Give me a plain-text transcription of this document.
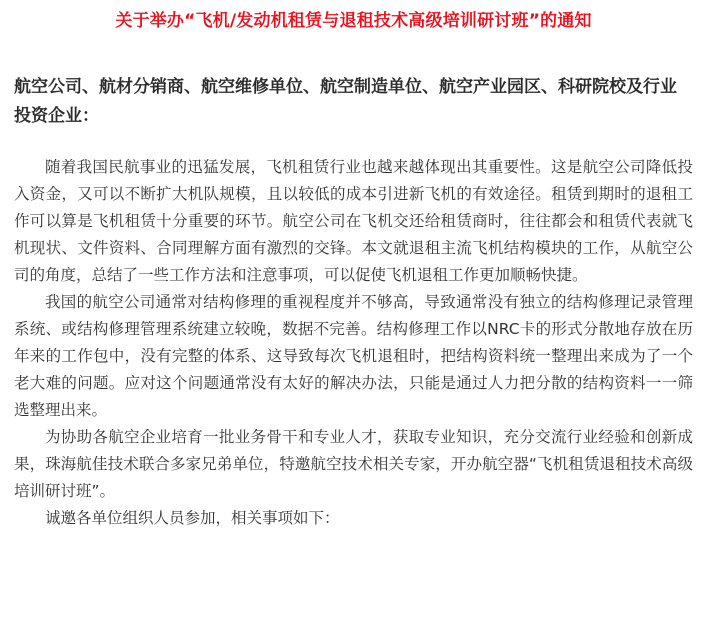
关于举办“飞机/发动机租赁与退租技术高级培训研讨班”的通知
航空公司、航材分销商、航空维修单位、航空制造单位、航空产业园区、科研院校及行业投资企业：

随着我国民航事业的迅猛发展，飞机租赁行业也越来越体现出其重要性。这是航空公司降低投入资金，又可以不断扩大机队规模，且以较低的成本引进新飞机的有效途径。租赁到期时的退租工作可以算是飞机租赁十分重要的环节。航空公司在飞机交还给租赁商时，往往都会和租赁代表就飞机现状、文件资料、合同理解方面有激烈的交锋。本文就退租主流飞机结构模块的工作，从航空公司的角度，总结了一些工作方法和注意事项，可以促使飞机退租工作更加顺畅快捷。

我国的航空公司通常对结构修理的重视程度并不够高，导致通常没有独立的结构修理记录管理系统、或结构修理管理系统建立较晚，数据不完善。结构修理工作以NRC卡的形式分散地存放在历年来的工作包中，没有完整的体系、这导致每次飞机退租时，把结构资料统一整理出来成为了一个老大难的问题。应对这个问题通常没有太好的解决办法，只能是通过人力把分散的结构资料一一筛选整理出来。

为协助各航空企业培育一批业务骨干和专业人才，获取专业知识，充分交流行业经验和创新成果，珠海航佳技术联合多家兄弟单位，特邀航空技术相关专家，开办航空器“飞机租赁退租技术高级培训研讨班”。

诚邀各单位组织人员参加，相关事项如下：
